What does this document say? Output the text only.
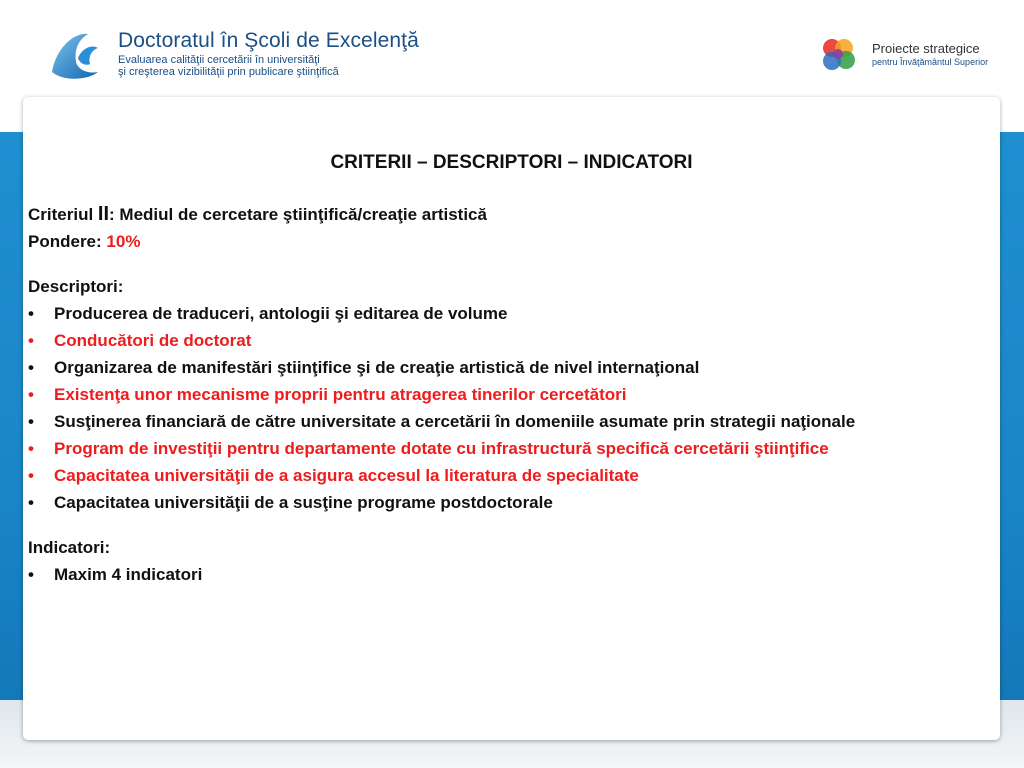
Doctoratul în Şcoli de Excelenţă
Evaluarea calităţii cercetării în universităţi
şi creşterea vizibilităţii prin publicare ştiinţifică
Proiecte strategice
pentru Învăţământul Superior
CRITERII – DESCRIPTORI – INDICATORI
Criteriul II: Mediul de cercetare ştiinţifică/creaţie artistică
Pondere: 10%
Descriptori:
•	Producerea de traduceri, antologii şi editarea de volume
•	Conducători de doctorat
•	Organizarea de manifestări ştiinţifice şi de creaţie artistică de nivel internaţional
•	Existenţa unor mecanisme proprii pentru atragerea tinerilor cercetători
•	Susţinerea financiară de către universitate a cercetării în domeniile asumate prin strategii naţionale
•	Program de investiţii pentru departamente dotate cu infrastructură specifică cercetării ştiinţifice
•	Capacitatea universităţii de a asigura accesul la literatura de specialitate
•	Capacitatea universităţii de a susţine programe postdoctorale
Indicatori:
•	Maxim 4 indicatori
